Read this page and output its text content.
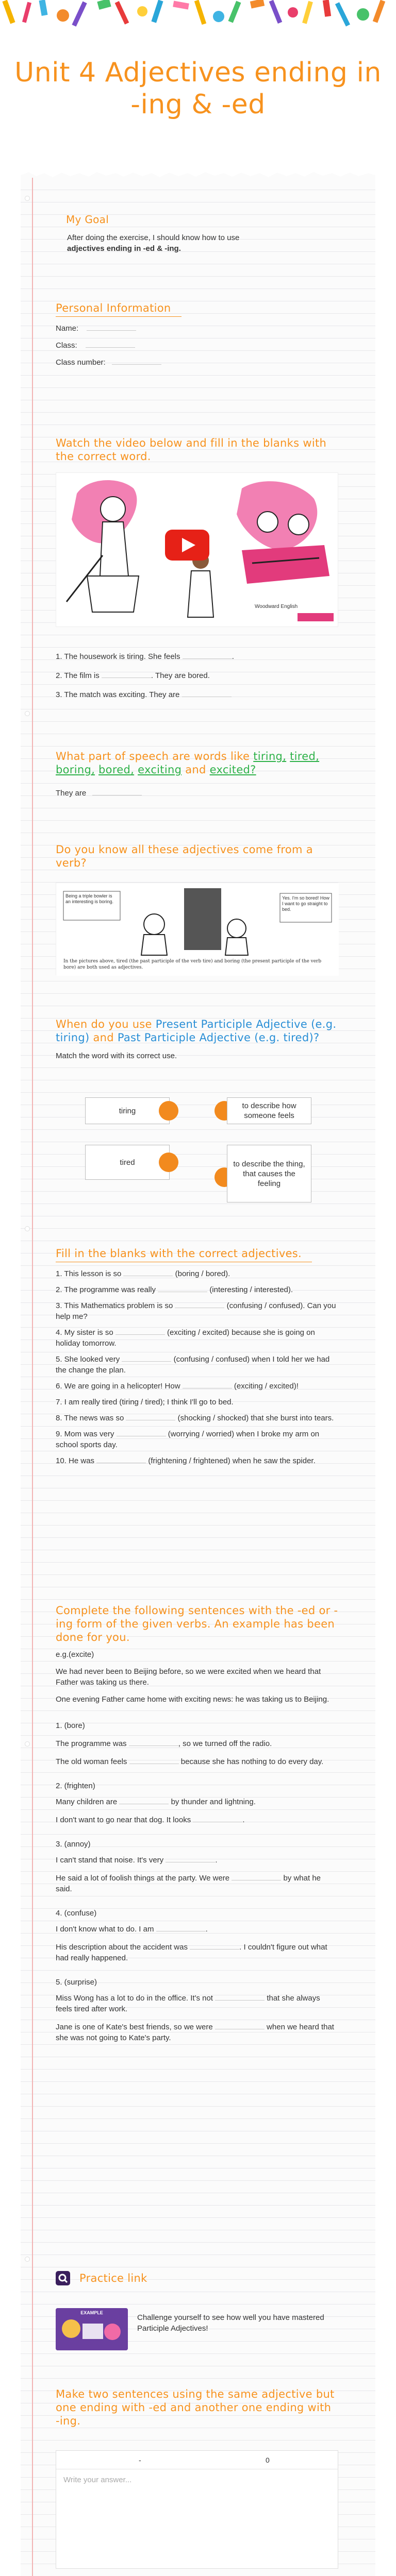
Unit 4 Adjectives ending in -ing & -ed
My Goal
After doing the exercise, I should know how to use
adjectives ending in -ed & -ing.
Personal Information
Name:
Class:
Class number:
Watch the video below and fill in the blanks with the correct word.
Woodward English
1. The housework is tiring. She feels	.
2. The film is	. They are bored.
3. The match was exciting. They are
What part of speech are words like tiring, tired, boring, bored, exciting and excited?
They are
Do you know all these adjectives come from a verb?
Being a triple bowler is an interesting is boring.
Yes. I'm so bored! How I want to go straight to bed.
In the pictures above, tired (the past participle of the verb tire) and boring (the present participle of the verb bore) are both used as adjectives.
When do you use Present Participle Adjective (e.g. tiring) and Past Participle Adjective (e.g. tired)?
Match the word with its correct use.
tiring
to describe how someone feels
tired	to describe the thing, that causes the feeling
Fill in the blanks with the correct adjectives.
1. This lesson is so	(boring / bored).
2. The programme was really	(interesting / interested).
3. This Mathematics problem is so	(confusing / confused). Can you help me?
4. My sister is so	(exciting / excited) because she is going on holiday tomorrow.
5. She looked very	(confusing / confused) when I told her we had the change the plan.
6. We are going in a helicopter! How	(exciting / excited)!
7. I am really tired (tiring / tired); I think I'll go to bed.
8. The news was so	(shocking / shocked) that she burst into tears.
9. Mom was very	(worrying / worried) when I broke my arm on school sports day.
10. He was	(frightening / frightened) when he saw the spider.
Complete the following sentences with the -ed or -ing form of the given verbs. An example has been done for you.
e.g.(excite)
We had never been to Beijing before, so we were excited when we heard that Father was taking us there.
One evening Father came home with exciting news: he was taking us to Beijing.
1. (bore)
The programme was	, so we turned off the radio.
The old woman feels	because she has nothing to do every day.
2. (frighten)
Many children are	by thunder and lightning.
I don't want to go near that dog. It looks	.
3. (annoy)
I can't stand that noise. It's very	.
He said a lot of foolish things at the party. We were	by what he said.
4. (confuse)
I don't know what to do. I am	.
His description about the accident was	. I couldn't figure out what had really happened.
5. (surprise)
Miss Wong has a lot to do in the office. It's not	that she always feels tired after work.
Jane is one of Kate's best friends, so we were	when we heard that she was not going to Kate's party.
Practice link
EXAMPLE
Challenge yourself to see how well you have mastered Participle Adjectives!
Make two sentences using the same adjective but one ending with -ed and another one ending with -ing.
-	0
Write your answer...
